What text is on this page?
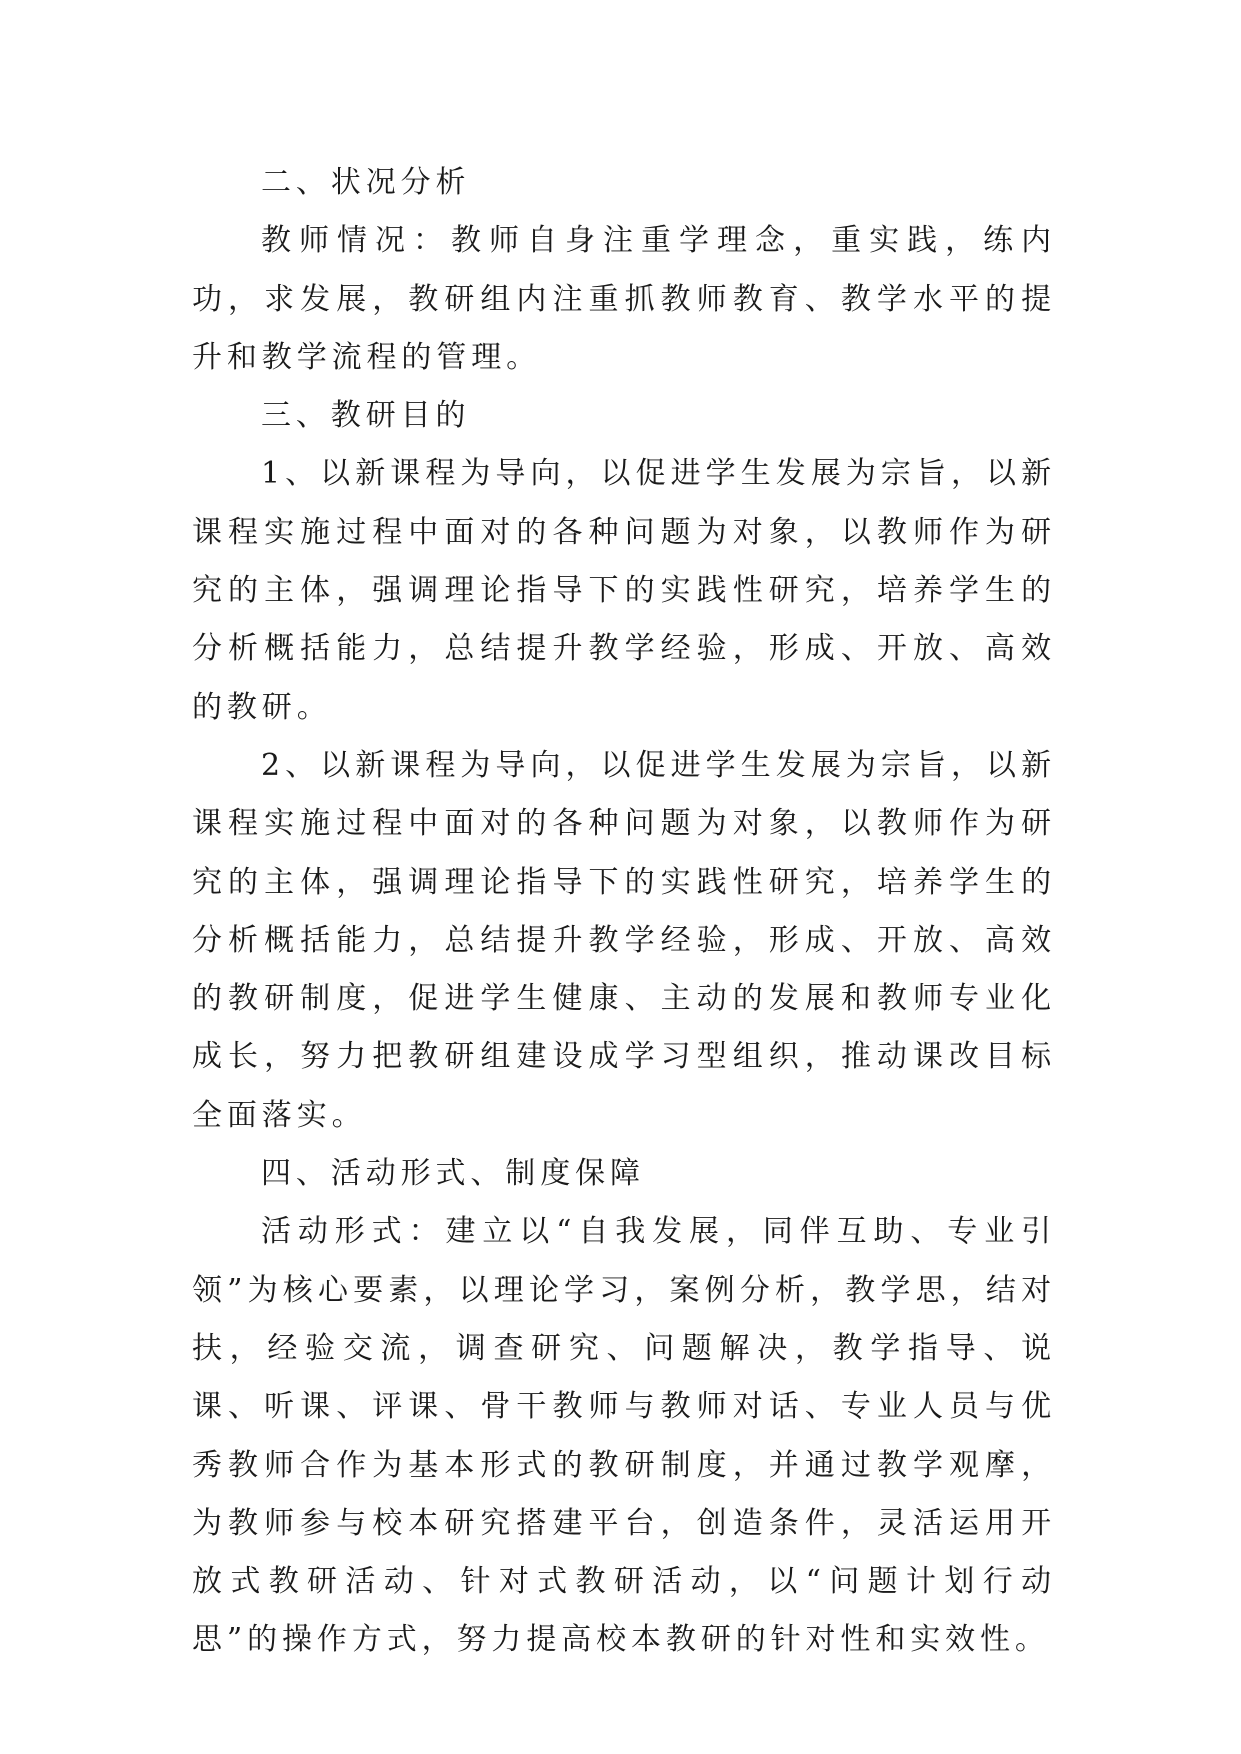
二、状况分析

教师情况：教师自身注重学理念，重实践，练内功，求发展，教研组内注重抓教师教育、教学水平的提升和教学流程的管理。

三、教研目的

1、以新课程为导向，以促进学生发展为宗旨，以新课程实施过程中面对的各种问题为对象，以教师作为研究的主体，强调理论指导下的实践性研究，培养学生的分析概括能力，总结提升教学经验，形成、开放、高效的教研。

2、以新课程为导向，以促进学生发展为宗旨，以新课程实施过程中面对的各种问题为对象，以教师作为研究的主体，强调理论指导下的实践性研究，培养学生的分析概括能力，总结提升教学经验，形成、开放、高效的教研制度，促进学生健康、主动的发展和教师专业化成长，努力把教研组建设成学习型组织，推动课改目标全面落实。

四、活动形式、制度保障

活动形式：建立以“自我发展，同伴互助、专业引领”为核心要素，以理论学习，案例分析，教学思，结对扶，经验交流，调查研究、问题解决，教学指导、说课、听课、评课、骨干教师与教师对话、专业人员与优秀教师合作为基本形式的教研制度，并通过教学观摩，为教师参与校本研究搭建平台，创造条件，灵活运用开放式教研活动、针对式教研活动，以“问题计划行动思”的操作方式，努力提高校本教研的针对性和实效性。
